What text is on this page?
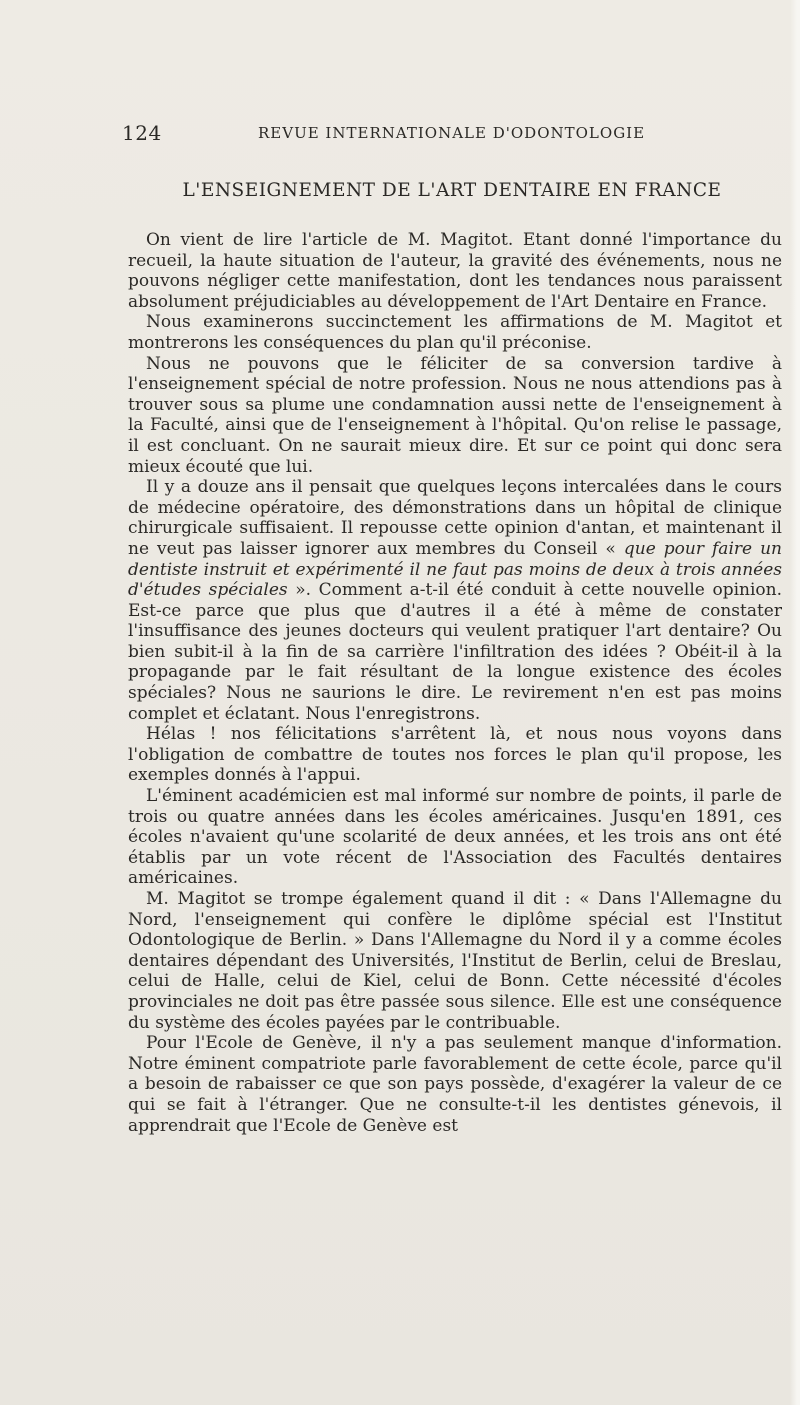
124	REVUE INTERNATIONALE D'ODONTOLOGIE
L'ENSEIGNEMENT DE L'ART DENTAIRE EN FRANCE

On vient de lire l'article de M. Magitot. Etant donné l'importance du recueil, la haute situation de l'auteur, la gravité des événements, nous ne pouvons négliger cette manifestation, dont les tendances nous paraissent absolument préjudiciables au développement de l'Art Dentaire en France.

Nous examinerons succinctement les affirmations de M. Magitot et montrerons les conséquences du plan qu'il préconise.

Nous ne pouvons que le féliciter de sa conversion tardive à l'enseignement spécial de notre profession. Nous ne nous attendions pas à trouver sous sa plume une condamnation aussi nette de l'enseignement à la Faculté, ainsi que de l'enseignement à l'hôpital. Qu'on relise le passage, il est concluant. On ne saurait mieux dire. Et sur ce point qui donc sera mieux écouté que lui.

Il y a douze ans il pensait que quelques leçons intercalées dans le cours de médecine opératoire, des démonstrations dans un hôpital de clinique chirurgicale suffisaient. Il repousse cette opinion d'antan, et maintenant il ne veut pas laisser ignorer aux membres du Conseil « que pour faire un dentiste instruit et expérimenté il ne faut pas moins de deux à trois années d'études spéciales ». Comment a-t-il été conduit à cette nouvelle opinion. Est-ce parce que plus que d'autres il a été à même de constater l'insuffisance des jeunes docteurs qui veulent pratiquer l'art dentaire? Ou bien subit-il à la fin de sa carrière l'infiltration des idées ? Obéit-il à la propagande par le fait résultant de la longue existence des écoles spéciales? Nous ne saurions le dire. Le revirement n'en est pas moins complet et éclatant. Nous l'enregistrons.

Hélas ! nos félicitations s'arrêtent là, et nous nous voyons dans l'obligation de combattre de toutes nos forces le plan qu'il propose, les exemples donnés à l'appui.

L'éminent académicien est mal informé sur nombre de points, il parle de trois ou quatre années dans les écoles américaines. Jusqu'en 1891, ces écoles n'avaient qu'une scolarité de deux années, et les trois ans ont été établis par un vote récent de l'Association des Facultés dentaires américaines.

M. Magitot se trompe également quand il dit : « Dans l'Allemagne du Nord, l'enseignement qui confère le diplôme spécial est l'Institut Odontologique de Berlin. » Dans l'Allemagne du Nord il y a comme écoles dentaires dépendant des Universités, l'Institut de Berlin, celui de Breslau, celui de Halle, celui de Kiel, celui de Bonn. Cette nécessité d'écoles provinciales ne doit pas être passée sous silence. Elle est une conséquence du système des écoles payées par le contribuable.

Pour l'Ecole de Genève, il n'y a pas seulement manque d'information. Notre éminent compatriote parle favorablement de cette école, parce qu'il a besoin de rabaisser ce que son pays possède, d'exagérer la valeur de ce qui se fait à l'étranger. Que ne consulte-t-il les dentistes génevois, il apprendrait que l'Ecole de Genève est
